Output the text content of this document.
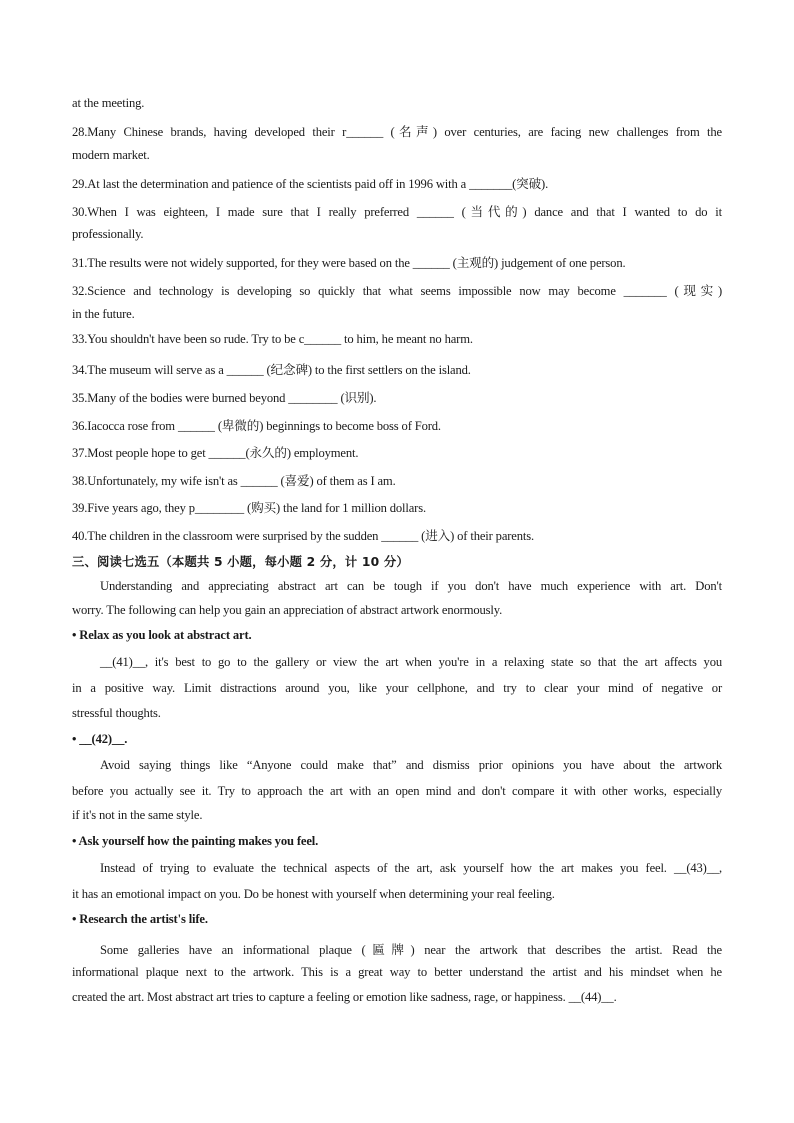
at the meeting.
28.Many Chinese brands, having developed their r______ (名声) over centuries, are facing new challenges from the
modern market.
29.At last the determination and patience of the scientists paid off in 1996 with a _______(突破).
30.When I was eighteen, I made sure that I really preferred ______ (当代的) dance and that I wanted to do it
professionally.
31.The results were not widely supported, for they were based on the ______ (主观的) judgement of one person.
32.Science and technology is developing so quickly that what seems impossible now may become _______ (现实)
in the future.
33.You shouldn't have been so rude. Try to be c______ to him, he meant no harm.
34.The museum will serve as a ______ (纪念碑) to the first settlers on the island.
35.Many of the bodies were burned beyond ________ (识别).
36.Iacocca rose from ______ (卑微的) beginnings to become boss of Ford.
37.Most people hope to get ______(永久的) employment.
38.Unfortunately, my wife isn't as ______ (喜爱) of them as I am.
39.Five years ago, they p________ (购买) the land for 1 million dollars.
40.The children in the classroom were surprised by the sudden ______ (进入) of their parents.
三、阅读七选五（本题共 5 小题，每小题 2 分，计 10 分）
Understanding and appreciating abstract art can be tough if you don't have much experience with art. Don't
worry. The following can help you gain an appreciation of abstract artwork enormously.
• Relax as you look at abstract art.
__(41)__, it's best to go to the gallery or view the art when you're in a relaxing state so that the art affects you
in a positive way. Limit distractions around you, like your cellphone, and try to clear your mind of negative or
stressful thoughts.
• __(42)__.
Avoid saying things like “Anyone could make that” and dismiss prior opinions you have about the artwork
before you actually see it. Try to approach the art with an open mind and don't compare it with other works, especially
if it's not in the same style.
• Ask yourself how the painting makes you feel.
Instead of trying to evaluate the technical aspects of the art, ask yourself how the art makes you feel. __(43)__,
it has an emotional impact on you. Do be honest with yourself when determining your real feeling.
• Research the artist's life.
Some galleries have an informational plaque (匾牌) near the artwork that describes the artist. Read the
informational plaque next to the artwork. This is a great way to better understand the artist and his mindset when he
created the art. Most abstract art tries to capture a feeling or emotion like sadness, rage, or happiness. __(44)__.
